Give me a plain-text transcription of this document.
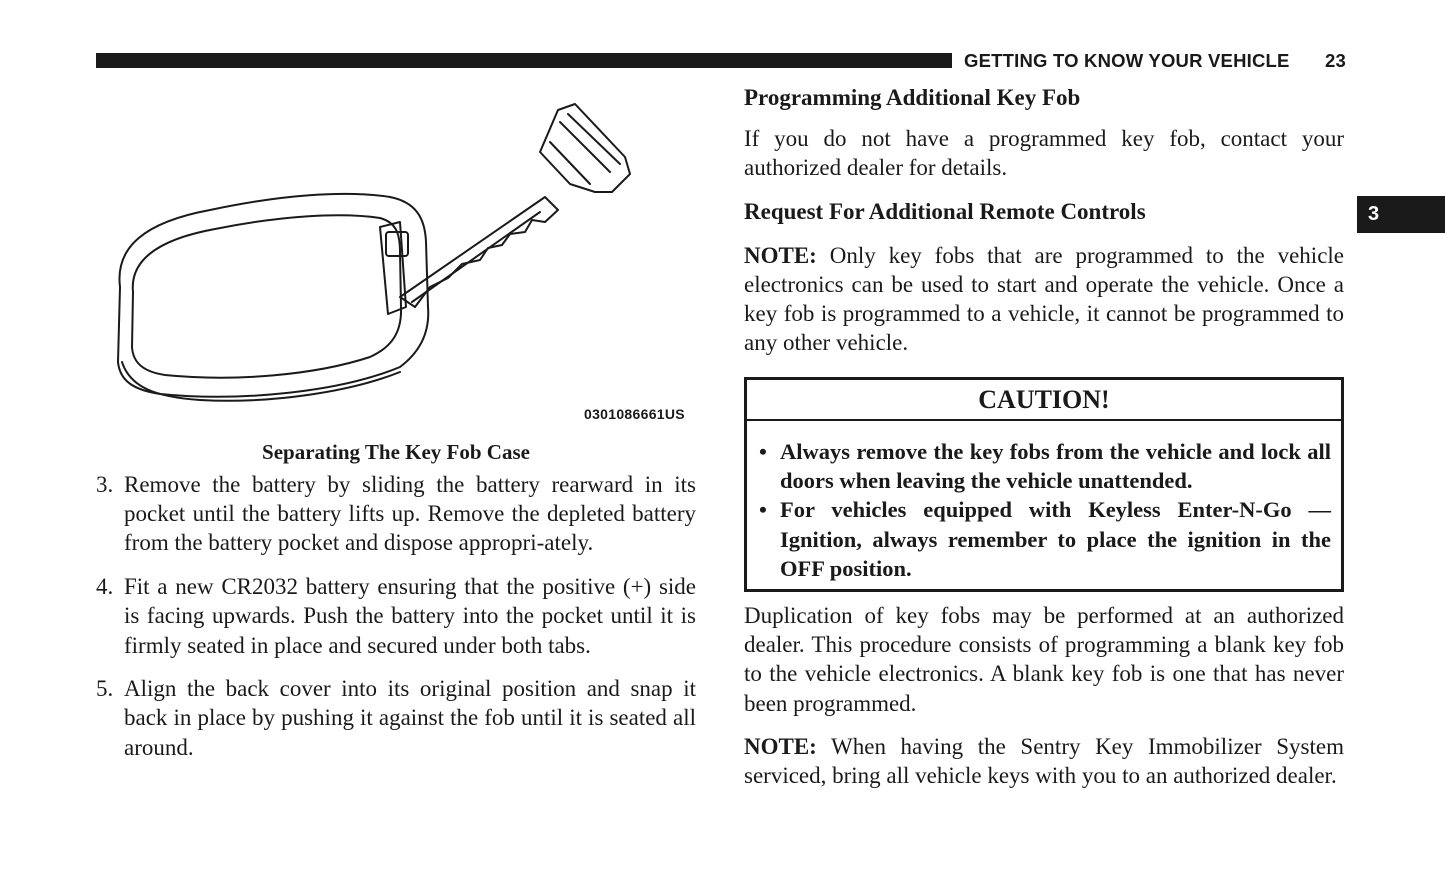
GETTING TO KNOW YOUR VEHICLE 23
3
0301086661US
Separating The Key Fob Case
3. Remove the battery by sliding the battery rearward in its pocket until the battery lifts up. Remove the depleted battery from the battery pocket and dispose appropri-ately.
4. Fit a new CR2032 battery ensuring that the positive (+) side is facing upwards. Push the battery into the pocket until it is firmly seated in place and secured under both tabs.
5. Align the back cover into its original position and snap it back in place by pushing it against the fob until it is seated all around.
Programming Additional Key Fob
If you do not have a programmed key fob, contact your authorized dealer for details.
Request For Additional Remote Controls
NOTE: Only key fobs that are programmed to the vehicle electronics can be used to start and operate the vehicle. Once a key fob is programmed to a vehicle, it cannot be programmed to any other vehicle.
CAUTION!
• Always remove the key fobs from the vehicle and lock all doors when leaving the vehicle unattended.
• For vehicles equipped with Keyless Enter-N-Go — Ignition, always remember to place the ignition in the OFF position.
Duplication of key fobs may be performed at an authorized dealer. This procedure consists of programming a blank key fob to the vehicle electronics. A blank key fob is one that has never been programmed.
NOTE: When having the Sentry Key Immobilizer System serviced, bring all vehicle keys with you to an authorized dealer.
